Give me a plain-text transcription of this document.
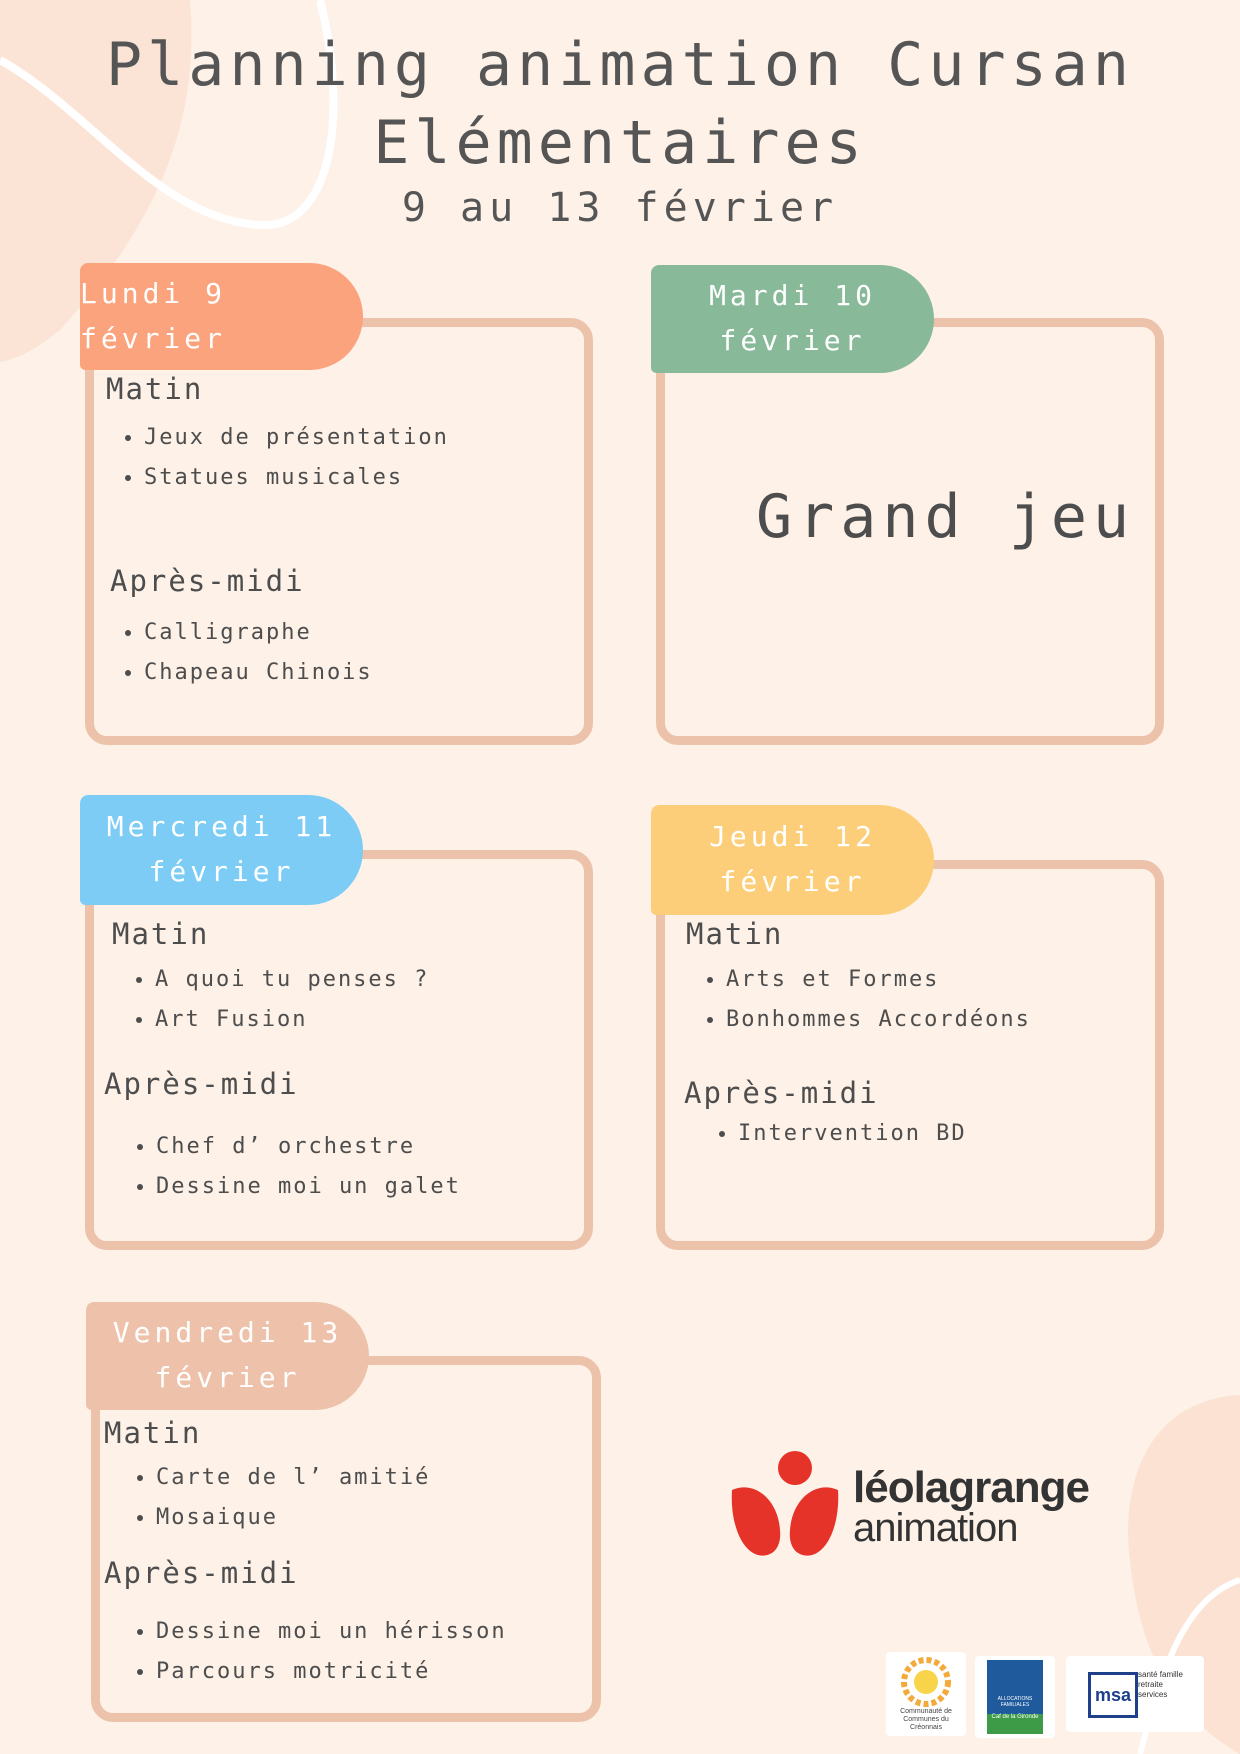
Planning animation Cursan
Elémentaires
9 au 13 février
Lundi 9 février
Matin
• Jeux de présentation
• Statues musicales
Après-midi
• Calligraphe
• Chapeau Chinois
Mardi 10
février
Grand jeu
Mercredi 11
février
Matin
• A quoi tu penses ?
• Art Fusion
Après-midi
• Chef d’ orchestre
• Dessine moi un galet
Jeudi 12
février
Matin
• Arts et Formes
• Bonhommes Accordéons
Après-midi
• Intervention BD
Vendredi 13
février
Matin
• Carte de l’ amitié
• Mosaique
Après-midi
• Dessine moi un hérisson
• Parcours motricité
léolagrange
animation
Communauté de Communes du Créonnais
ALLOCATIONS FAMILIALES
Caf de la Gironde
msa
santé famille retraite services
